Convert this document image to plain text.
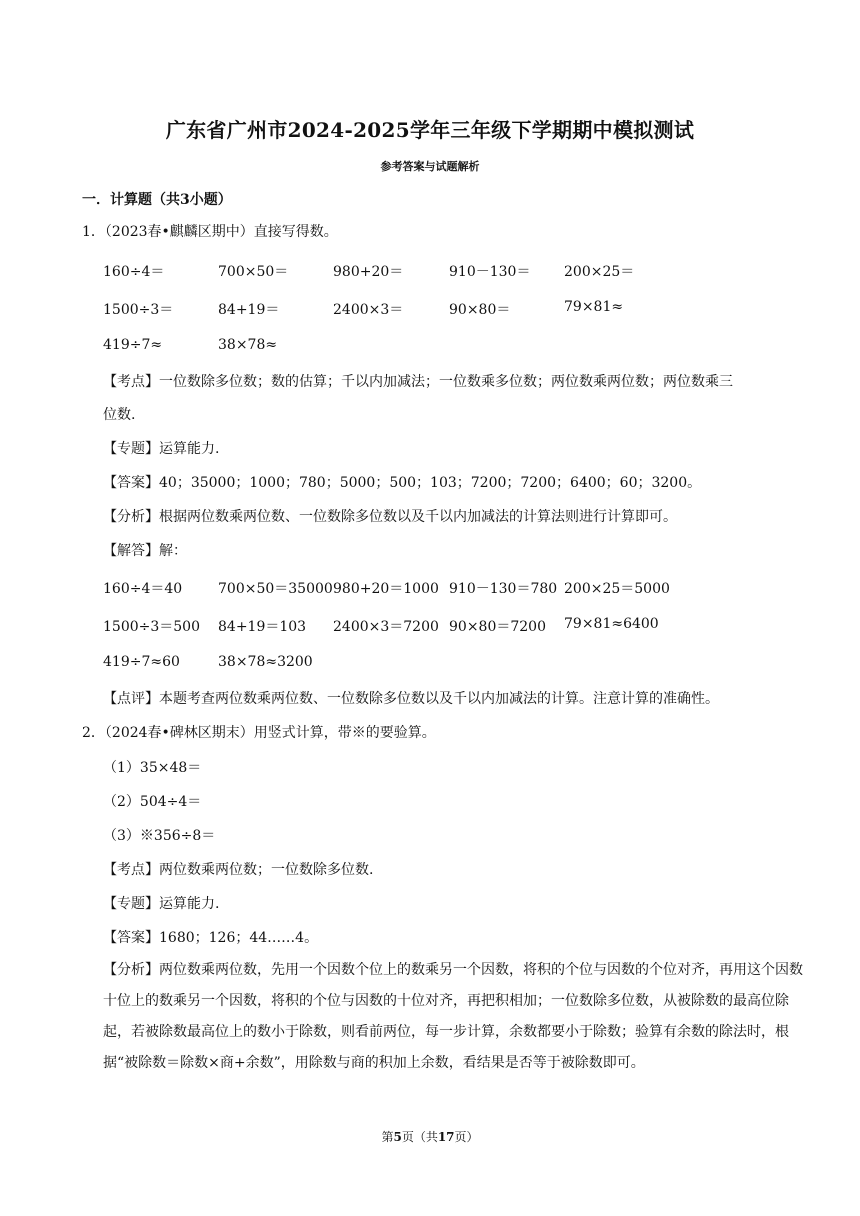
广东省广州市2024-2025学年三年级下学期期中模拟测试
参考答案与试题解析
一．计算题（共3小题）
1．（2023春•麒麟区期中）直接写得数。
160÷4＝	700×50＝	980+20＝	910－130＝ 200×25＝
1500÷3＝	84+19＝	2400×3＝	90×80＝	79×81≈
419÷7≈	38×78≈
【考点】一位数除多位数；数的估算；千以内加减法；一位数乘多位数；两位数乘两位数；两位数乘三
位数.
【专题】运算能力.
【答案】40；35000；1000；780；5000；500；103；7200；7200；6400；60；3200。
【分析】根据两位数乘两位数、一位数除多位数以及千以内加减法的计算法则进行计算即可。
【解答】解：
160÷4＝40	700×50＝35000 980+20＝1000 910－130＝780 200×25＝5000
1500÷3＝500 84+19＝103 2400×3＝7200 90×80＝7200 79×81≈6400
419÷7≈60	38×78≈3200
【点评】本题考查两位数乘两位数、一位数除多位数以及千以内加减法的计算。注意计算的准确性。
2．（2024春•碑林区期末）用竖式计算，带※的要验算。
（1）35×48＝
（2）504÷4＝
（3）※356÷8＝
【考点】两位数乘两位数；一位数除多位数.
【专题】运算能力.
【答案】1680；126；44……4。
【分析】两位数乘两位数，先用一个因数个位上的数乘另一个因数，将积的个位与因数的个位对齐，再用这个因数十位上的数乘另一个因数，将积的个位与因数的十位对齐，再把积相加；一位数除多位数，从被除数的最高位除起，若被除数最高位上的数小于除数，则看前两位，每一步计算，余数都要小于除数；验算有余数的除法时，根据“被除数＝除数×商+余数”，用除数与商的积加上余数，看结果是否等于被除数即可。
第5页（共17页）
